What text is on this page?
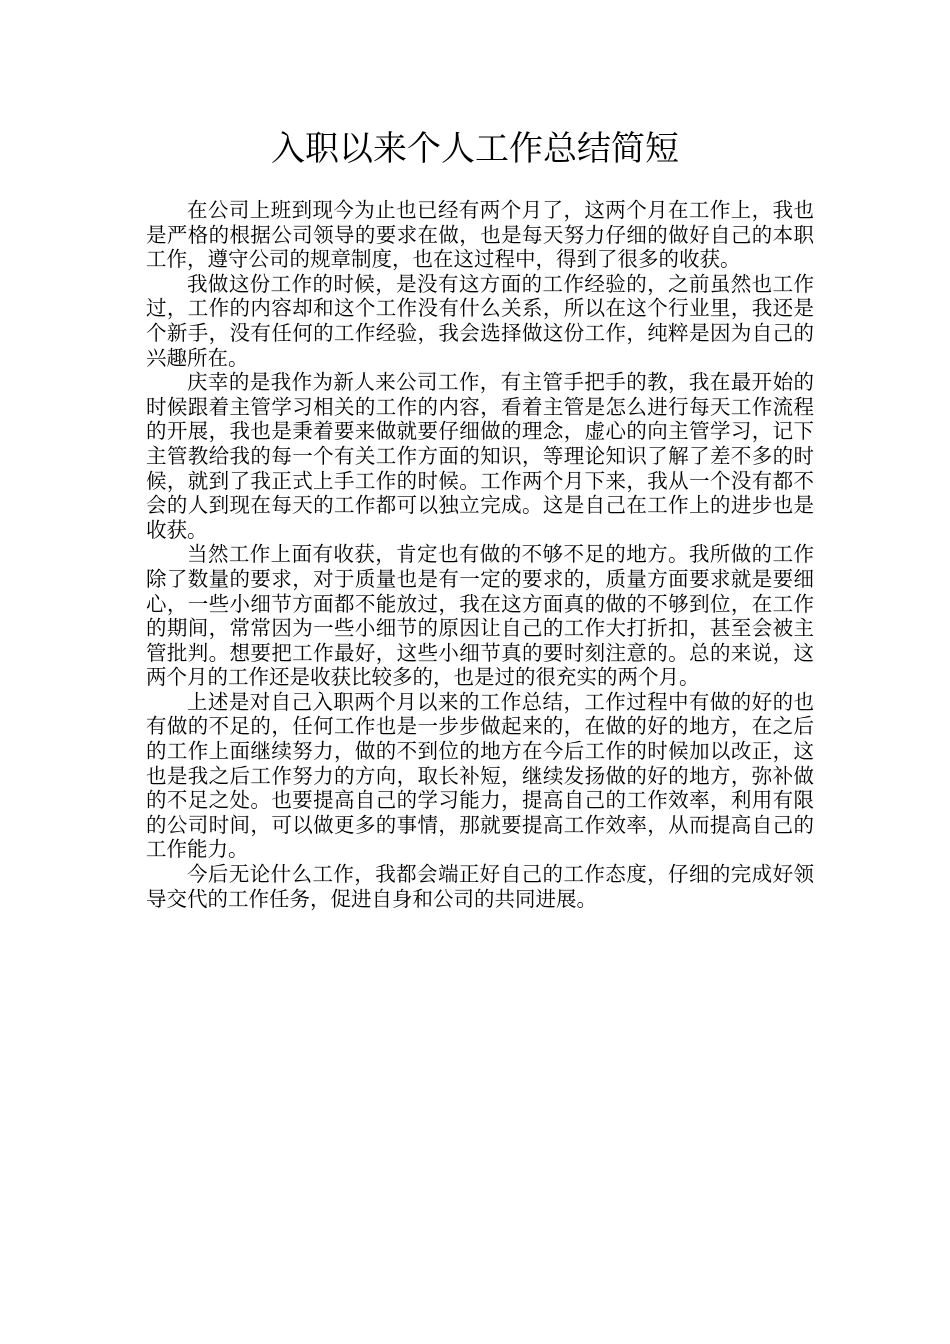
入职以来个人工作总结简短

在公司上班到现今为止也已经有两个月了，这两个月在工作上，我也是严格的根据公司领导的要求在做，也是每天努力仔细的做好自己的本职工作，遵守公司的规章制度，也在这过程中，得到了很多的收获。

我做这份工作的时候，是没有这方面的工作经验的，之前虽然也工作过，工作的内容却和这个工作没有什么关系，所以在这个行业里，我还是个新手，没有任何的工作经验，我会选择做这份工作，纯粹是因为自己的兴趣所在。

庆幸的是我作为新人来公司工作，有主管手把手的教，我在最开始的时候跟着主管学习相关的工作的内容，看着主管是怎么进行每天工作流程的开展，我也是秉着要来做就要仔细做的理念，虚心的向主管学习，记下主管教给我的每一个有关工作方面的知识，等理论知识了解了差不多的时候，就到了我正式上手工作的时候。工作两个月下来，我从一个没有都不会的人到现在每天的工作都可以独立完成。这是自己在工作上的进步也是收获。

当然工作上面有收获，肯定也有做的不够不足的地方。我所做的工作除了数量的要求，对于质量也是有一定的要求的，质量方面要求就是要细心，一些小细节方面都不能放过，我在这方面真的做的不够到位，在工作的期间，常常因为一些小细节的原因让自己的工作大打折扣，甚至会被主管批判。想要把工作最好，这些小细节真的要时刻注意的。总的来说，这两个月的工作还是收获比较多的，也是过的很充实的两个月。

上述是对自己入职两个月以来的工作总结，工作过程中有做的好的也有做的不足的，任何工作也是一步步做起来的，在做的好的地方，在之后的工作上面继续努力，做的不到位的地方在今后工作的时候加以改正，这也是我之后工作努力的方向，取长补短，继续发扬做的好的地方，弥补做的不足之处。也要提高自己的学习能力，提高自己的工作效率，利用有限的公司时间，可以做更多的事情，那就要提高工作效率，从而提高自己的工作能力。

今后无论什么工作，我都会端正好自己的工作态度，仔细的完成好领导交代的工作任务，促进自身和公司的共同进展。
